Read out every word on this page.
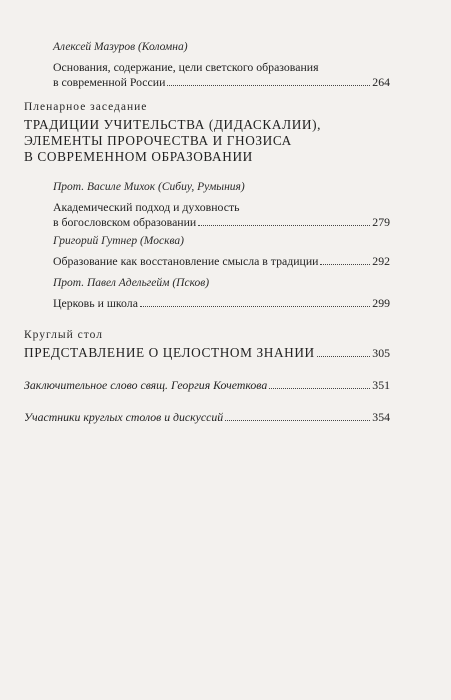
Алексей Мазуров (Коломна)
Основания, содержание, цели светского образования
в современной России	264
Пленарное заседание
ТРАДИЦИИ УЧИТЕЛЬСТВА (ДИДАСКАЛИИ),
ЭЛЕМЕНТЫ ПРОРОЧЕСТВА И ГНОЗИСА
В СОВРЕМЕННОМ ОБРАЗОВАНИИ
Прот. Василе Михок (Сибиу, Румыния)
Академический подход и духовность
в богословском образовании	279
Григорий Гутнер (Москва)
Образование как восстановление смысла в традиции	292
Прот. Павел Адельгейм (Псков)
Церковь и школа	299
Круглый стол
ПРЕДСТАВЛЕНИЕ О ЦЕЛОСТНОМ ЗНАНИИ	305
Заключительное слово свящ. Георгия Кочеткова	351
Участники круглых столов и дискуссий	354
